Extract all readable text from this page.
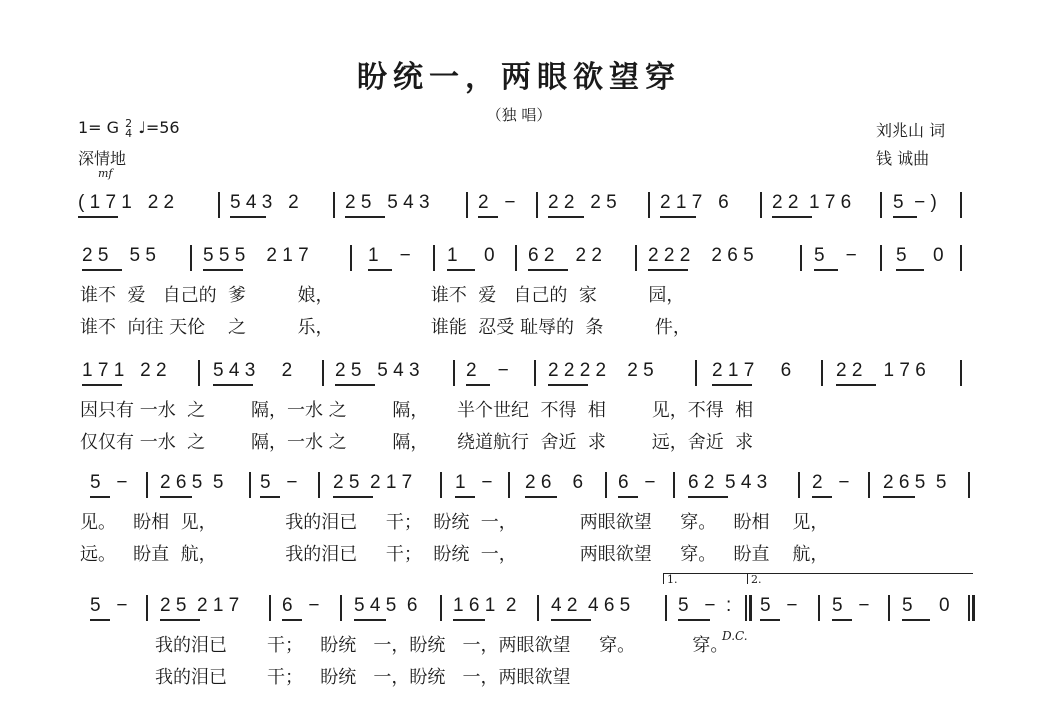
盼统一，两眼欲望穿
（独 唱）
1= G 2
4 ♩=56
深情地
mf
刘兆山 词
钱 诚曲
( 1 7 1   2 2	5 4 3   2 2 5   5 4 3	2   − 2 2   2 5 2 1 7   6 2 2  1 7 6 5  − )
2 5    5 5 5 5 5    2 1 7	1    − 1     0 6 2    2 2 2 2 2    2 6 5	5    − 5     0
谁不  爱   自己的  爹         娘，                 谁不  爱   自己的  家         园，
谁不  向往 天伦    之         乐，                 谁能  忍受 耻辱的  条         件，
1 7 1   2 2 5 4 3     2 2 5   5 4 3 2    − 2 2 2 2    2 5	2 1 7     6 2 2    1 7 6
因只有 一水  之        隔，一水 之        隔，     半个世纪  不得  相        见，不得  相
仅仅有 一水  之        隔，一水 之        隔，     绕道航行  舍近  求        远，舍近  求
5   − 2 6 5  5 5   − 2 5  2 1 7 1   − 2 6    6 6   − 6 2  5 4 3 2   − 2 6 5  5
见。   盼相  见，            我的泪已     干；  盼统  一，           两眼欲望     穿。   盼相    见，
远。   盼直  航，            我的泪已     干；  盼统  一，           两眼欲望     穿。   盼直    航，
5   − 2 5  2 1 7 6   − 5 4 5  6 1 6 1  2 4 2  4 6 5	5   −  : 5   − 5   − 5     0
我的泪已       干；   盼统   一，盼统   一，两眼欲望     穿。          穿。
我的泪已       干；   盼统   一，盼统   一，两眼欲望
1.	2.
D.C.
